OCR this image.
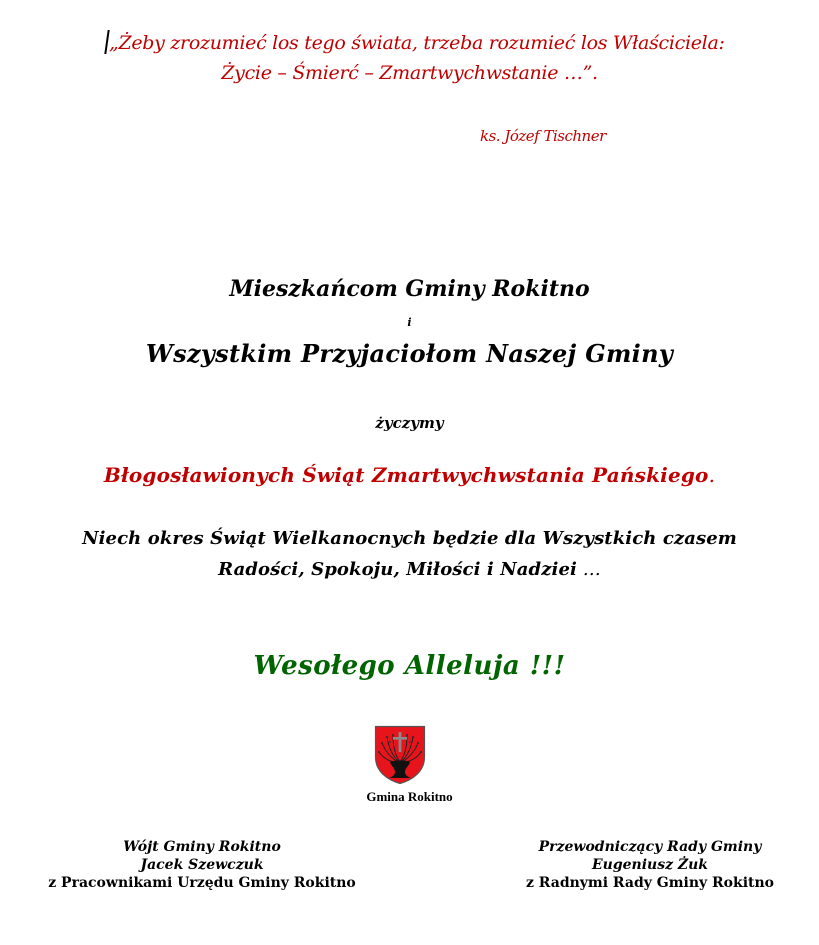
„Żeby zrozumieć los tego świata, trzeba rozumieć los Właściciela:
Życie – Śmierć – Zmartwychwstanie …”.
ks. Józef Tischner
Mieszkańcom Gminy Rokitno
i
Wszystkim Przyjaciołom Naszej Gminy
życzymy
Błogosławionych Świąt Zmartwychwstania Pańskiego.
Niech okres Świąt Wielkanocnych będzie dla Wszystkich czasem
Radości, Spokoju, Miłości i Nadziei …
Wesołego Alleluja !!!
Gmina Rokitno
Wójt Gminy Rokitno
Jacek Szewczuk
z Pracownikami Urzędu Gminy Rokitno
Przewodniczący Rady Gminy
Eugeniusz Żuk
z Radnymi Rady Gminy Rokitno
